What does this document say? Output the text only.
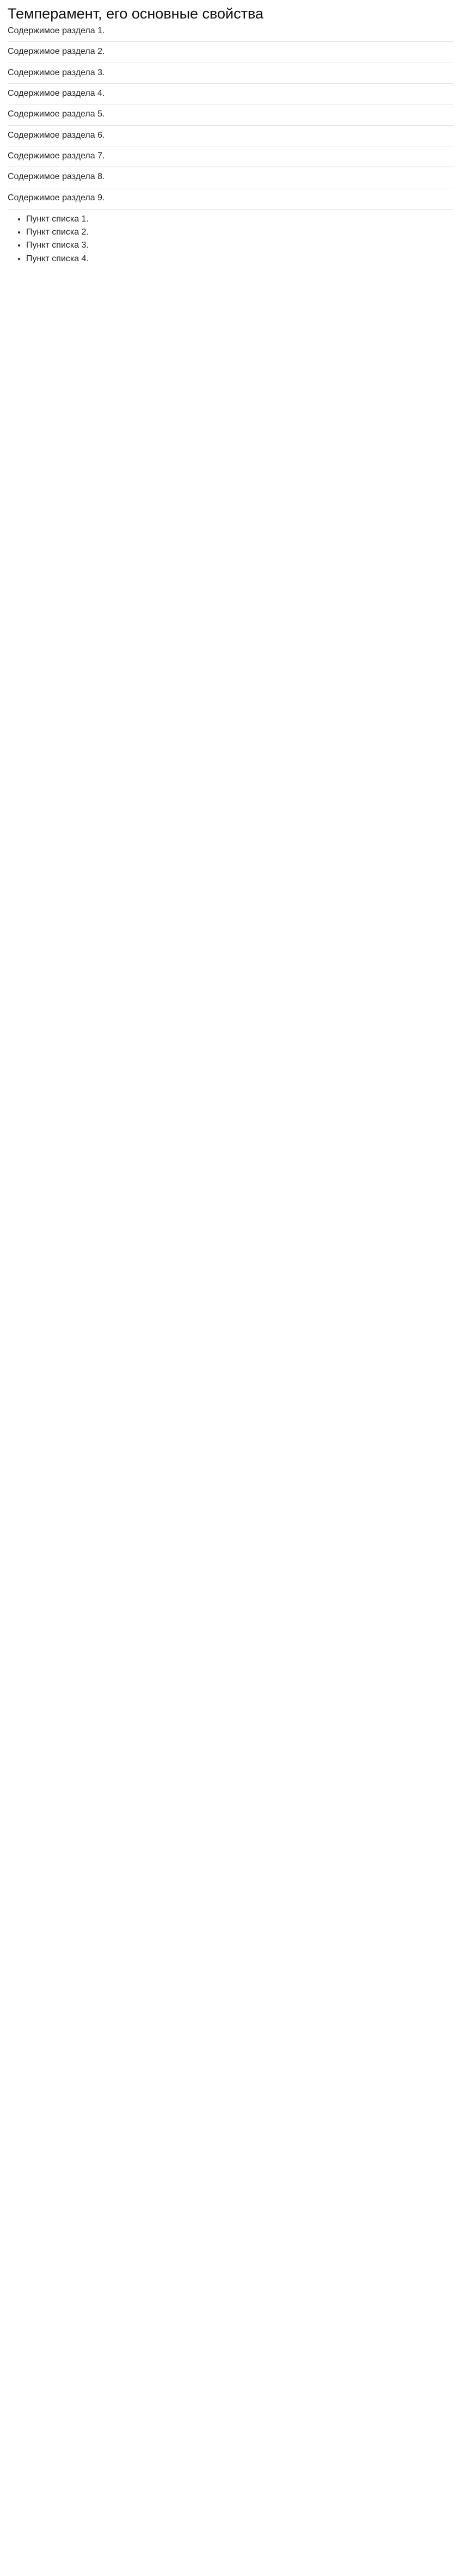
Темперамент, его основные свойства

Содержимое раздела 1.

Содержимое раздела 2.

Содержимое раздела 3.

Содержимое раздела 4.

Содержимое раздела 5.

Содержимое раздела 6.

Содержимое раздела 7.

Содержимое раздела 8.

Содержимое раздела 9.

• Пункт списка 1.
• Пункт списка 2.
• Пункт списка 3.
• Пункт списка 4.
